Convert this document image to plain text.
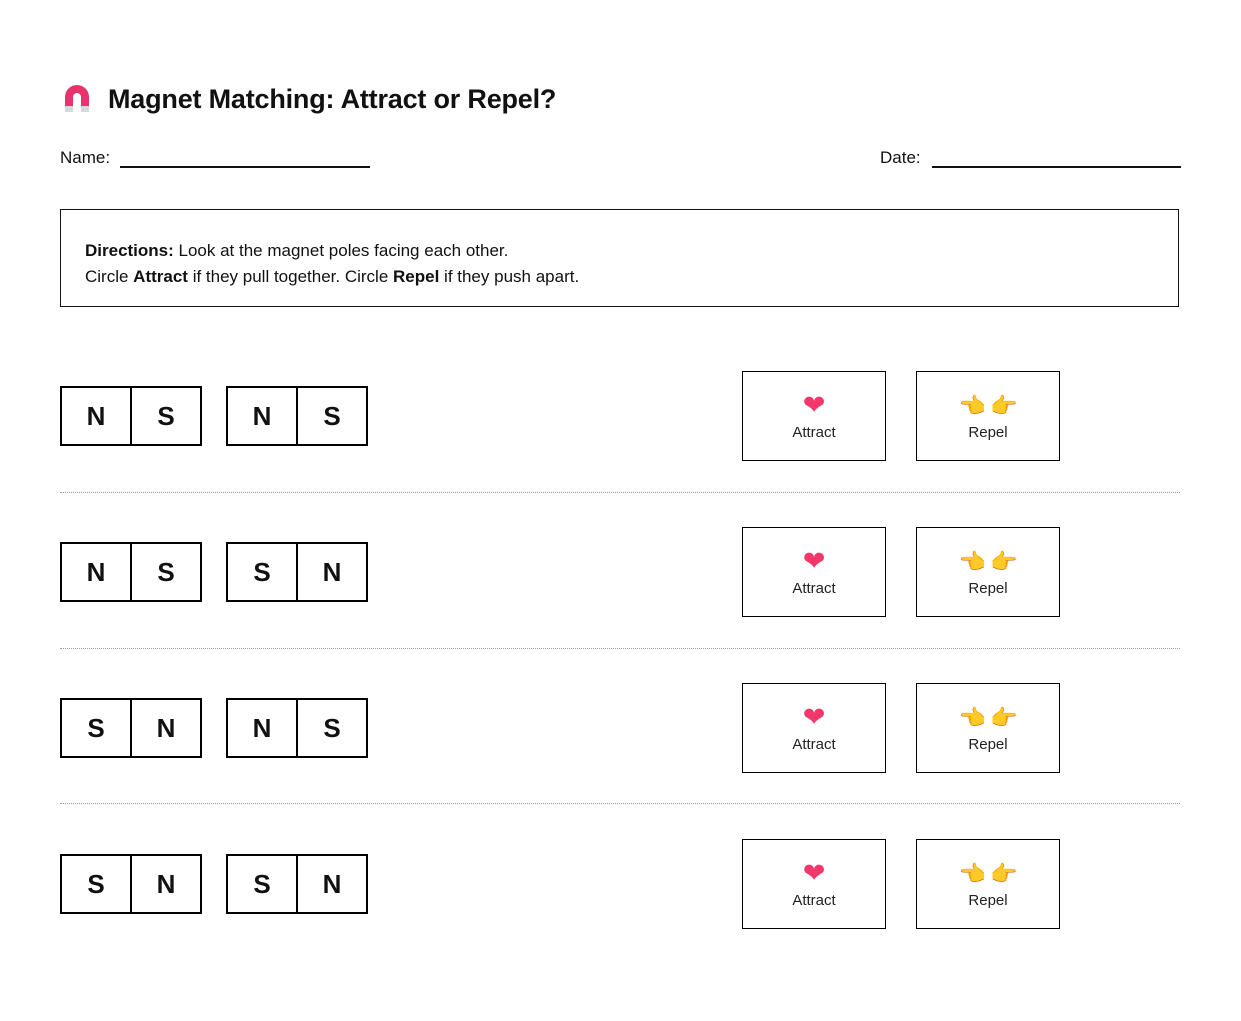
Magnet Matching: Attract or Repel?
Name:	Date:
Directions: Look at the magnet poles facing each other.
Circle Attract if they pull together. Circle Repel if they push apart.
N	S	N	S	❤
Attract
👈 👉
Repel
N	S	S	N	❤
Attract
👈 👉
Repel
S	N	N	S	❤
Attract
👈 👉
Repel
S	N	S	N	❤
Attract
👈 👉
Repel
